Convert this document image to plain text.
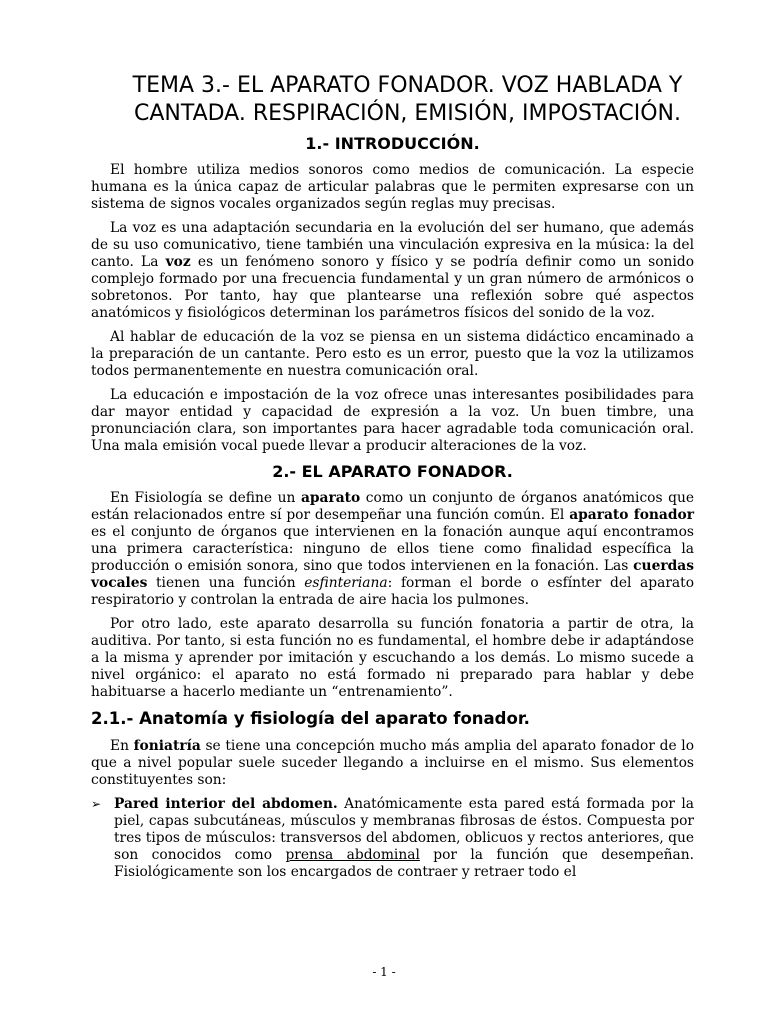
TEMA 3.- EL APARATO FONADOR. VOZ HABLADA Y CANTADA. RESPIRACIÓN, EMISIÓN, IMPOSTACIÓN.
1.- INTRODUCCIÓN.

El hombre utiliza medios sonoros como medios de comunicación. La especie humana es la única capaz de articular palabras que le permiten expresarse con un sistema de signos vocales organizados según reglas muy precisas.

La voz es una adaptación secundaria en la evolución del ser humano, que además de su uso comunicativo, tiene también una vinculación expresiva en la música: la del canto. La voz es un fenómeno sonoro y físico y se podría definir como un sonido complejo formado por una frecuencia fundamental y un gran número de armónicos o sobretonos. Por tanto, hay que plantearse una reflexión sobre qué aspectos anatómicos y fisiológicos determinan los parámetros físicos del sonido de la voz.

Al hablar de educación de la voz se piensa en un sistema didáctico encaminado a la preparación de un cantante. Pero esto es un error, puesto que la voz la utilizamos todos permanentemente en nuestra comunicación oral.

La educación e impostación de la voz ofrece unas interesantes posibilidades para dar mayor entidad y capacidad de expresión a la voz. Un buen timbre, una pronunciación clara, son importantes para hacer agradable toda comunicación oral. Una mala emisión vocal puede llevar a producir alteraciones de la voz.

2.- EL APARATO FONADOR.

En Fisiología se define un aparato como un conjunto de órganos anatómicos que están relacionados entre sí por desempeñar una función común. El aparato fonador es el conjunto de órganos que intervienen en la fonación aunque aquí encontramos una primera característica: ninguno de ellos tiene como finalidad específica la producción o emisión sonora, sino que todos intervienen en la fonación. Las cuerdas vocales tienen una función esfinteriana: forman el borde o esfínter del aparato respiratorio y controlan la entrada de aire hacia los pulmones.

Por otro lado, este aparato desarrolla su función fonatoria a partir de otra, la auditiva. Por tanto, si esta función no es fundamental, el hombre debe ir adaptándose a la misma y aprender por imitación y escuchando a los demás. Lo mismo sucede a nivel orgánico: el aparato no está formado ni preparado para hablar y debe habituarse a hacerlo mediante un “entrenamiento”.

2.1.- Anatomía y fisiología del aparato fonador.

En foniatría se tiene una concepción mucho más amplia del aparato fonador de lo que a nivel popular suele suceder llegando a incluirse en el mismo. Sus elementos constituyentes son:

➢ Pared interior del abdomen. Anatómicamente esta pared está formada por la piel, capas subcutáneas, músculos y membranas fibrosas de éstos. Compuesta por tres tipos de músculos: transversos del abdomen, oblicuos y rectos anteriores, que son conocidos como prensa abdominal por la función que desempeñan. Fisiológicamente son los encargados de contraer y retraer todo el
- 1 -
